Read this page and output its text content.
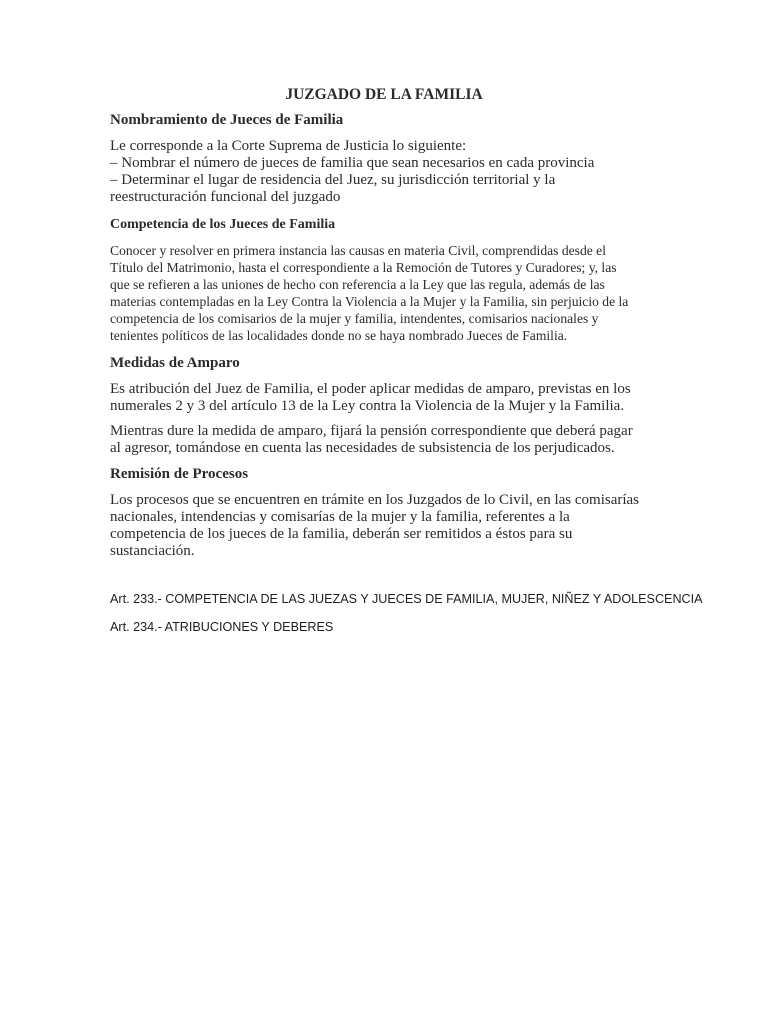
JUZGADO DE LA FAMILIA
Nombramiento de Jueces de Familia

Le corresponde a la Corte Suprema de Justicia lo siguiente:
– Nombrar el número de jueces de familia que sean necesarios en cada provincia
– Determinar el lugar de residencia del Juez, su jurisdicción territorial y la
reestructuración funcional del juzgado

Competencia de los Jueces de Familia

Conocer y resolver en primera instancia las causas en materia Civil, comprendidas desde el
Título del Matrimonio, hasta el correspondiente a la Remoción de Tutores y Curadores; y, las
que se refieren a las uniones de hecho con referencia a la Ley que las regula, además de las
materias contempladas en la Ley Contra la Violencia a la Mujer y la Familia, sin perjuicio de la
competencia de los comisarios de la mujer y familia, intendentes, comisarios nacionales y
tenientes políticos de las localidades donde no se haya nombrado Jueces de Familia.

Medidas de Amparo

Es atribución del Juez de Familia, el poder aplicar medidas de amparo, previstas en los
numerales 2 y 3 del artículo 13 de la Ley contra la Violencia de la Mujer y la Familia.

Mientras dure la medida de amparo, fijará la pensión correspondiente que deberá pagar
al agresor, tomándose en cuenta las necesidades de subsistencia de los perjudicados.

Remisión de Procesos

Los procesos que se encuentren en trámite en los Juzgados de lo Civil, en las comisarías
nacionales, intendencias y comisarías de la mujer y la familia, referentes a la
competencia de los jueces de la familia, deberán ser remitidos a éstos para su
sustanciación.

Art. 233.- COMPETENCIA DE LAS JUEZAS Y JUECES DE FAMILIA, MUJER, NIÑEZ Y ADOLESCENCIA

Art. 234.- ATRIBUCIONES Y DEBERES
